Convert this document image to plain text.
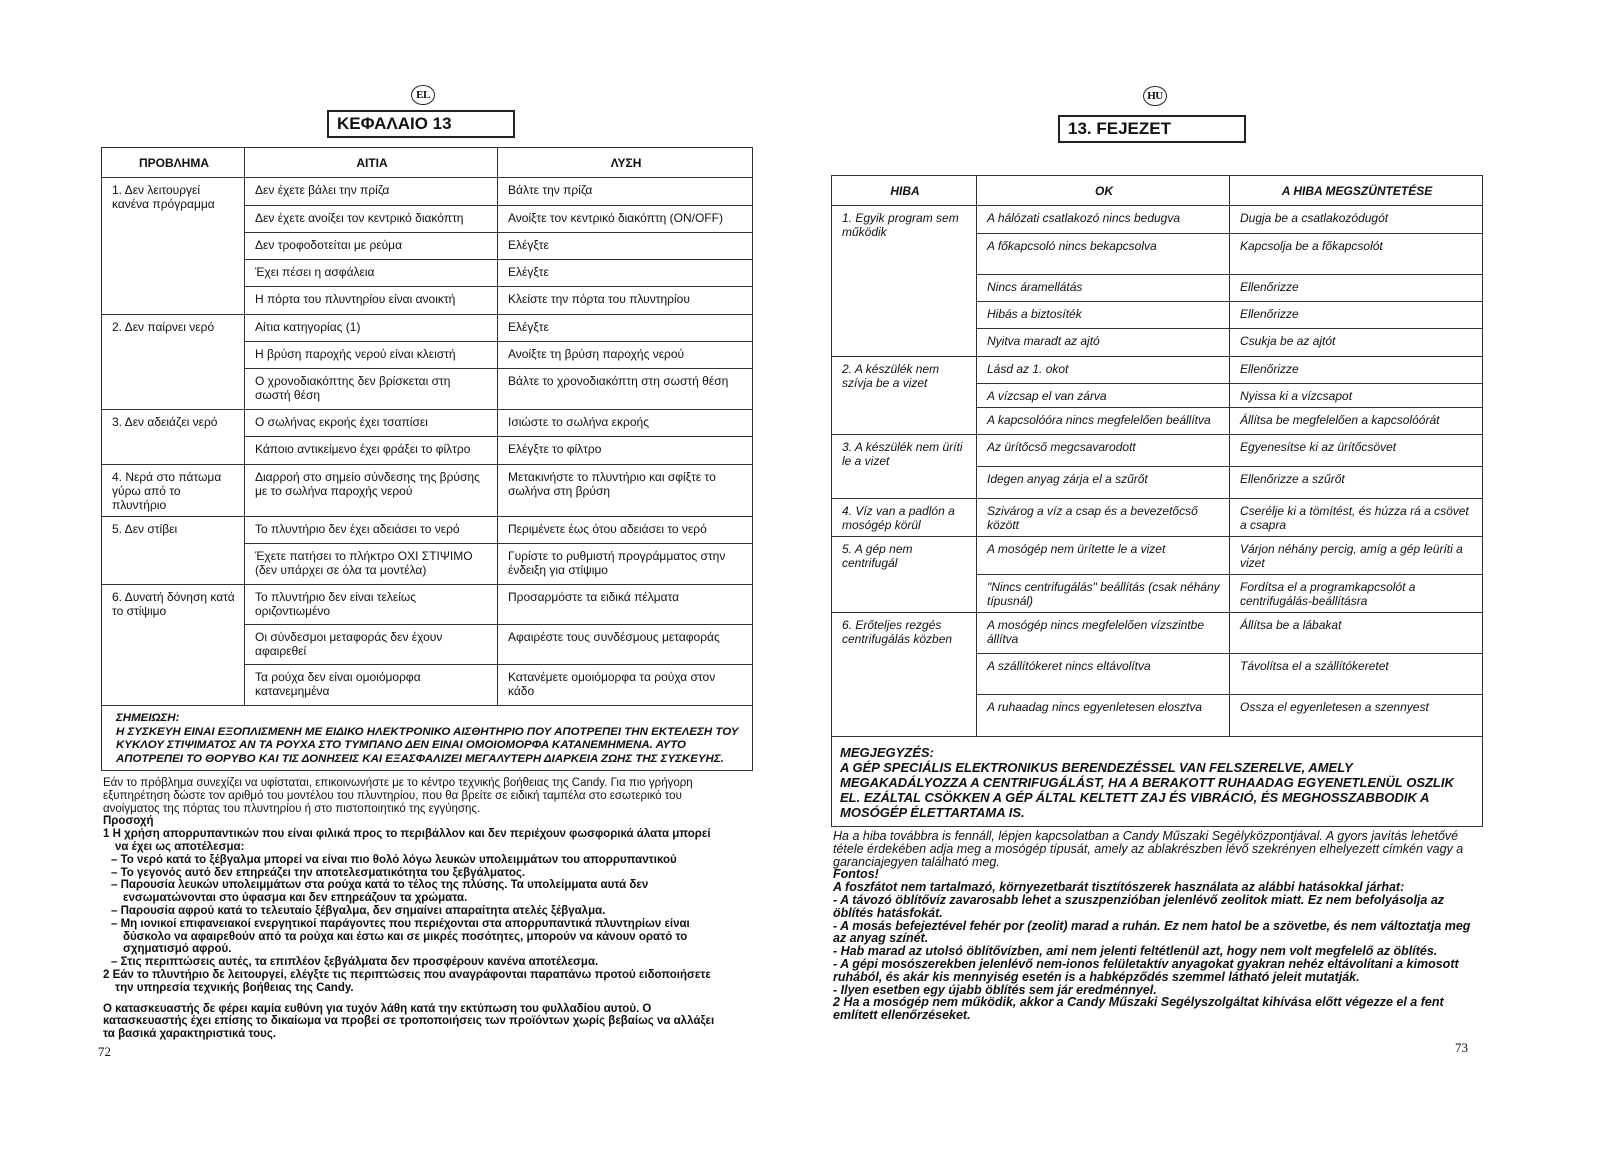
EL
ΚΕΦΑΛΑΙΟ 13
ΠΡΟΒΛΗΜΑ	ΑΙΤΙΑ	ΛΥΣΗ
1. Δεν λειτουργεί κανένα πρόγραμμα	Δεν έχετε βάλει την πρίζα	Βάλτε την πρίζα
	Δεν έχετε ανοίξει τον κεντρικό διακόπτη	Ανοίξτε τον κεντρικό διακόπτη (ON/OFF)
	Δεν τροφοδοτείται με ρεύμα	Ελέγξτε
	Έχει πέσει η ασφάλεια	Ελέγξτε
	Η πόρτα του πλυντηρίου είναι ανοικτή	Κλείστε την πόρτα του πλυντηρίου
2. Δεν παίρνει νερό	Αίτια κατηγορίας (1)	Ελέγξτε
	Η βρύση παροχής νερού είναι κλειστή	Ανοίξτε τη βρύση παροχής νερού
	Ο χρονοδιακόπτης δεν βρίσκεται στη σωστή θέση	Βάλτε το χρονοδιακόπτη στη σωστή θέση
3. Δεν αδειάζει νερό	Ο σωλήνας εκροής έχει τσαπίσει	Ισιώστε το σωλήνα εκροής
	Κάποιο αντικείμενο έχει φράξει το φίλτρο	Ελέγξτε το φίλτρο
4. Νερά στο πάτωμα γύρω από το πλυντήριο	Διαρροή στο σημείο σύνδεσης της βρύσης με το σωλήνα παροχής νερού	Μετακινήστε το πλυντήριο και σφίξτε το σωλήνα στη βρύση
5. Δεν στίβει	Το πλυντήριο δεν έχει αδειάσει το νερό	Περιμένετε έως ότου αδειάσει το νερό
	Έχετε πατήσει το πλήκτρο ΟΧΙ ΣΤΙΨΙΜΟ (δεν υπάρχει σε όλα τα μοντέλα)	Γυρίστε το ρυθμιστή προγράμματος στην ένδειξη για στίψιμο
6. Δυνατή δόνηση κατά το στίψιμο	Το πλυντήριο δεν είναι τελείως οριζοντιωμένο	Προσαρμόστε τα ειδικά πέλματα
	Οι σύνδεσμοι μεταφοράς δεν έχουν αφαιρεθεί	Αφαιρέστε τους συνδέσμους μεταφοράς
	Τα ρούχα δεν είναι ομοιόμορφα κατανεμημένα	Κατανέμετε ομοιόμορφα τα ρούχα στον κάδο

ΣΗΜΕΙΩΣΗ:
Η ΣΥΣΚΕΥΗ ΕΙΝΑΙ ΕΞΟΠΛΙΣΜΕΝΗ ΜΕ ΕΙΔΙΚΟ ΗΛΕΚΤΡΟΝΙΚΟ ΑΙΣΘΗΤΗΡΙΟ ΠΟΥ ΑΠΟΤΡΕΠΕΙ ΤΗΝ ΕΚΤΕΛΕΣΗ ΤΟΥ ΚΥΚΛΟΥ ΣΤΙΨΙΜΑΤΟΣ ΑΝ ΤΑ ΡΟΥΧΑ ΣΤΟ ΤΥΜΠΑΝΟ ΔΕΝ ΕΙΝΑΙ ΟΜΟΙΟΜΟΡΦΑ ΚΑΤΑΝΕΜΗΜΕΝΑ. ΑΥΤΟ ΑΠΟΤΡΕΠΕΙ ΤΟ ΘΟΡΥΒΟ ΚΑΙ ΤΙΣ ΔΟΝΗΣΕΙΣ ΚΑΙ ΕΞΑΣΦΑΛΙΖΕΙ ΜΕΓΑΛΥΤΕΡΗ ΔΙΑΡΚΕΙΑ ΖΩΗΣ ΤΗΣ ΣΥΣΚΕΥΗΣ.		

Εάν το πρόβλημα συνεχίζει να υφίσταται, επικοινωνήστε με το κέντρο τεχνικής βοήθειας της Candy. Για πιο γρήγορη εξυπηρέτηση δώστε τον αριθμό του μοντέλου του πλυντηρίου, που θα βρείτε σε ειδική ταμπέλα στο εσωτερικό του ανοίγματος της πόρτας του πλυντηρίου ή στο πιστοποιητικό της εγγύησης.

Προσοχή

1 Η χρήση απορρυπαντικών που είναι φιλικά προς το περιβάλλον και δεν περιέχουν φωσφορικά άλατα μπορεί να έχει ως αποτέλεσμα:

– Το νερό κατά το ξέβγαλμα μπορεί να είναι πιο θολό λόγω λευκών υπολειμμάτων του απορρυπαντικού

– Το γεγονός αυτό δεν επηρεάζει την αποτελεσματικότητα του ξεβγάλματος.

– Παρουσία λευκών υπολειμμάτων στα ρούχα κατά το τέλος της πλύσης. Τα υπολείμματα αυτά δεν ενσωματώνονται στο ύφασμα και δεν επηρεάζουν τα χρώματα.

– Παρουσία αφρού κατά το τελευταίο ξέβγαλμα, δεν σημαίνει απαραίτητα ατελές ξέβγαλμα.

– Μη ιονικοί επιφανειακοί ενεργητικοί παράγοντες που περιέχονται στα απορρυπαντικά πλυντηρίων είναι δύσκολο να αφαιρεθούν από τα ρούχα και έστω και σε μικρές ποσότητες, μπορούν να κάνουν ορατό το σχηματισμό αφρού.

– Στις περιπτώσεις αυτές, τα επιπλέον ξεβγάλματα δεν προσφέρουν κανένα αποτέλεσμα.

2 Εάν το πλυντήριο δε λειτουργεί, ελέγξτε τις περιπτώσεις που αναγράφονται παραπάνω προτού ειδοποιήσετε την υπηρεσία τεχνικής βοήθειας της Candy.

Ο κατασκευαστής δε φέρει καμία ευθύνη για τυχόν λάθη κατά την εκτύπωση του φυλλαδίου αυτού. Ο κατασκευαστής έχει επίσης το δικαίωμα να προβεί σε τροποποιήσεις των προϊόντων χωρίς βεβαίως να αλλάξει τα βασικά χαρακτηριστικά τους.

72
HU
13. FEJEZET
HIBA	OK	A HIBA MEGSZÜNTETÉSE
1. Egyik program sem működik	A hálózati csatlakozó nincs bedugva	Dugja be a csatlakozódugót
	A főkapcsoló nincs bekapcsolva	Kapcsolja be a főkapcsolót
	Nincs áramellátás	Ellenőrizze
	Hibás a biztosíték	Ellenőrizze
	Nyitva maradt az ajtó	Csukja be az ajtót
2. A készülék nem szívja be a vizet	Lásd az 1. okot	Ellenőrizze
	A vízcsap el van zárva	Nyissa ki a vízcsapot
	A kapcsolóóra nincs megfelelően beállítva	Állítsa be megfelelően a kapcsolóórát
3. A készülék nem üríti le a vizet	Az ürítőcső megcsavarodott	Egyenesítse ki az ürítőcsövet
	Idegen anyag zárja el a szűrőt	Ellenőrizze a szűrőt
4. Víz van a padlón a mosógép körül	Szivárog a víz a csap és a bevezetőcső között	Cserélje ki a tömítést, és húzza rá a csövet a csapra
5. A gép nem centrifugál	A mosógép nem ürítette le a vizet	Várjon néhány percig, amíg a gép leüríti a vizet
	"Nincs centrifugálás" beállítás (csak néhány típusnál)	Fordítsa el a programkapcsolót a centrifugálás-beállításra
6. Erőteljes rezgés centrifugálás közben	A mosógép nincs megfelelően vízszintbe állítva	Állítsa be a lábakat
	A szállítókeret nincs eltávolítva	Távolítsa el a szállítókeretet
	A ruhaadag nincs egyenletesen elosztva	Ossza el egyenletesen a szennyest

MEGJEGYZÉS:
A GÉP SPECIÁLIS ELEKTRONIKUS BERENDEZÉSSEL VAN FELSZERELVE, AMELY MEGAKADÁLYOZZA A CENTRIFUGÁLÁST, HA A BERAKOTT RUHAADAG EGYENETLENÜL OSZLIK EL. EZÁLTAL CSÖKKEN A GÉP ÁLTAL KELTETT ZAJ ÉS VIBRÁCIÓ, ÉS MEGHOSSZABBODIK A MOSÓGÉP ÉLETTARTAMA IS.		

Ha a hiba továbbra is fennáll, lépjen kapcsolatban a Candy Műszaki Segélyközpontjával. A gyors javítás lehetővé tétele érdekében adja meg a mosógép típusát, amely az ablakrészben lévő szekrényen elhelyezett címkén vagy a garanciajegyen található meg.

Fontos!

A foszfátot nem tartalmazó, környezetbarát tisztítószerek használata az alábbi hatásokkal járhat:

- A távozó öblítővíz zavarosabb lehet a szuszpenzióban jelenlévő zeolitok miatt. Ez nem befolyásolja az öblítés hatásfokát.

- A mosás befejeztével fehér por (zeolit) marad a ruhán. Ez nem hatol be a szövetbe, és nem változtatja meg az anyag színét.

- Hab marad az utolsó öblítővízben, ami nem jelenti feltétlenül azt, hogy nem volt megfelelő az öblítés.

- A gépi mosószerekben jelenlévő nem-ionos felületaktív anyagokat gyakran nehéz eltávolítani a kimosott ruhából, és akár kis mennyiség esetén is a habképződés szemmel látható jeleit mutatják.

- Ilyen esetben egy újabb öblítés sem jár eredménnyel.

2 Ha a mosógép nem működik, akkor a Candy Műszaki Segélyszolgáltat kihívása előtt végezze el a fent említett ellenőrzéseket.

73
